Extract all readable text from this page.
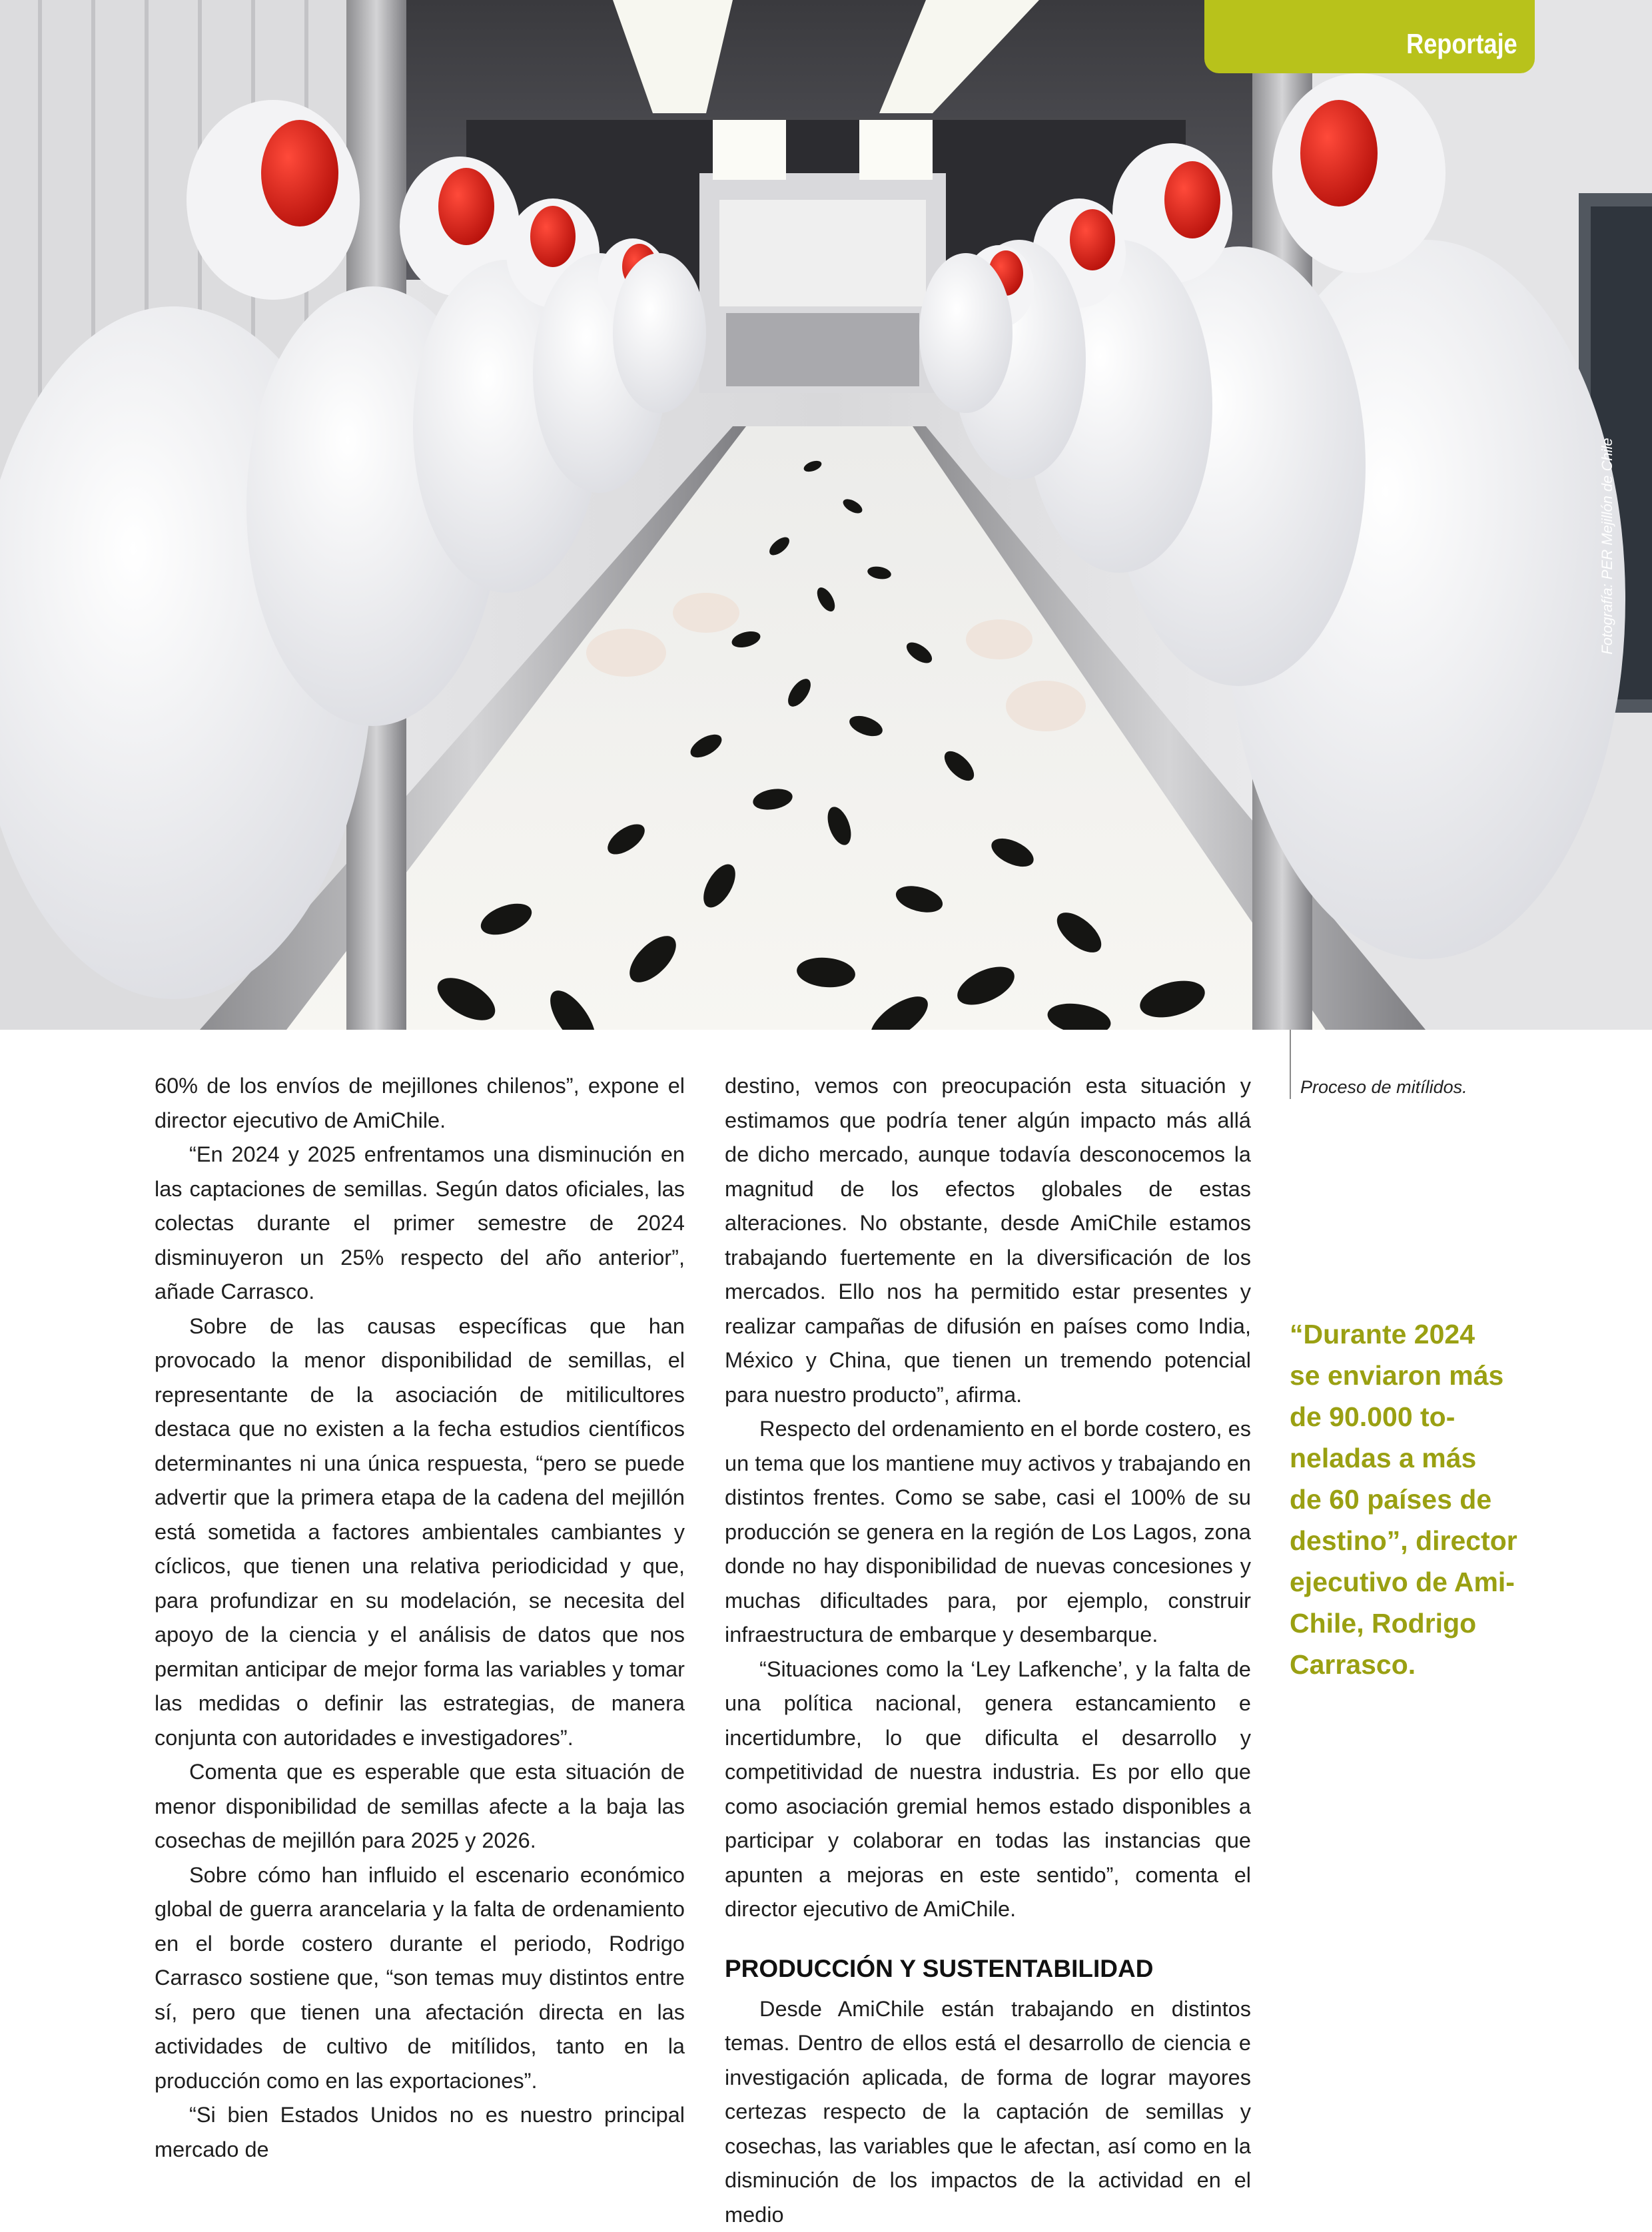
Reportaje
Fotografía: PER Mejillón de Chile
Proceso de mitílidos.

60% de los envíos de mejillones chilenos”, expone el director ejecutivo de AmiChile.

“En 2024 y 2025 enfrentamos una disminución en las captaciones de semillas. Según datos oficiales, las colectas durante el primer semestre de 2024 disminuyeron un 25% respecto del año anterior”, añade Carrasco.

Sobre de las causas específicas que han provocado la menor disponibilidad de semillas, el representante de la asociación de mitilicultores destaca que no existen a la fecha estudios científicos determinantes ni una única respuesta, “pero se puede advertir que la primera etapa de la cadena del mejillón está sometida a factores ambientales cambiantes y cíclicos, que tienen una relativa periodicidad y que, para profundizar en su modelación, se necesita del apoyo de la ciencia y el análisis de datos que nos permitan anticipar de mejor forma las variables y tomar las medidas o definir las estrategias, de manera conjunta con autoridades e investigadores”.

Comenta que es esperable que esta situación de menor disponibilidad de semillas afecte a la baja las cosechas de mejillón para 2025 y 2026.

Sobre cómo han influido el escenario económico global de guerra arancelaria y la falta de ordenamiento en el borde costero durante el periodo, Rodrigo Carrasco sostiene que, “son temas muy distintos entre sí, pero que tienen una afectación directa en las actividades de cultivo de mitílidos, tanto en la producción como en las exportaciones”.

“Si bien Estados Unidos no es nuestro principal mercado de

destino, vemos con preocupación esta situación y estimamos que podría tener algún impacto más allá de dicho mercado, aunque todavía desconocemos la magnitud de los efectos globales de estas alteraciones. No obstante, desde AmiChile estamos trabajando fuertemente en la diversificación de los mercados. Ello nos ha permitido estar presentes y realizar campañas de difusión en países como India, México y China, que tienen un tremendo potencial para nuestro producto”, afirma.

Respecto del ordenamiento en el borde costero, es un tema que los mantiene muy activos y trabajando en distintos frentes. Como se sabe, casi el 100% de su producción se genera en la región de Los Lagos, zona donde no hay disponibilidad de nuevas concesiones y muchas dificultades para, por ejemplo, construir infraestructura de embarque y desembarque.

“Situaciones como la ‘Ley Lafkenche’, y la falta de una política nacional, genera estancamiento e incertidumbre, lo que dificulta el desarrollo y competitividad de nuestra industria. Es por ello que como asociación gremial hemos estado disponibles a participar y colaborar en todas las instancias que apunten a mejoras en este sentido”, comenta el director ejecutivo de AmiChile.

PRODUCCIÓN Y SUSTENTABILIDAD

Desde AmiChile están trabajando en distintos temas. Dentro de ellos está el desarrollo de ciencia e investigación aplicada, de forma de lograr mayores certezas respecto de la captación de semillas y cosechas, las variables que le afectan, así como en la disminución de los impactos de la actividad en el medio

“Durante 2024
se enviaron más
de 90.000 to-
neladas a más
de 60 países de
destino”, director
ejecutivo de Ami-
Chile, Rodrigo
Carrasco.
